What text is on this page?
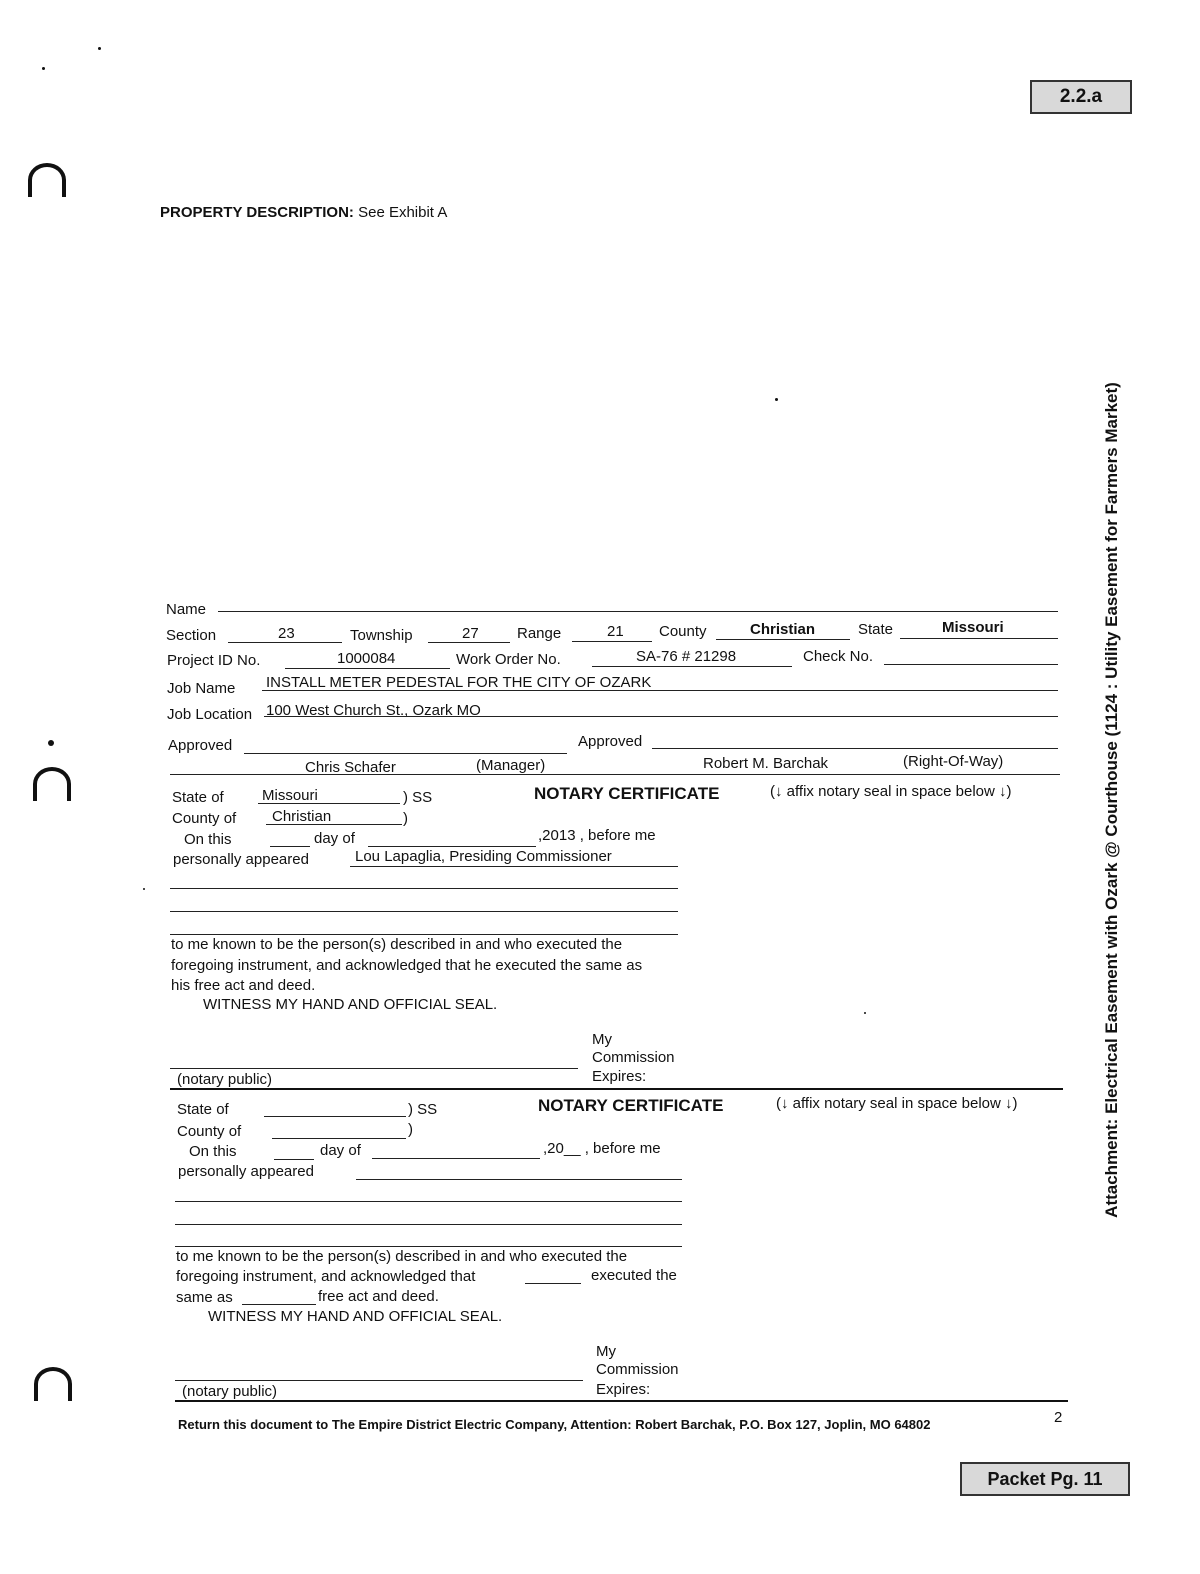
2.2.a
PROPERTY DESCRIPTION: See Exhibit A
Attachment: Electrical Easement with Ozark @ Courthouse (1124 : Utility Easement for Farmers Market)
Name
Section	23	Township	27	Range	21 County	Christian	State	Missouri
Project ID No.	1000084	Work Order No.	SA-76 # 21298	Check No.
Job Name INSTALL METER PEDESTAL FOR THE CITY OF OZARK
Job Location 100 West Church St., Ozark MO
Approved	Approved
Chris Schafer	(Manager)	Robert M. Barchak	(Right-Of-Way)
State of	Missouri	) SS	NOTARY CERTIFICATE	(↓ affix notary seal in space below ↓)
County of Christian	)
On this	day of	,2013 , before me
personally appeared	Lou Lapaglia, Presiding Commissioner
to me known to be the person(s) described in and who executed the
foregoing instrument, and acknowledged that he executed the same as
his free act and deed.
WITNESS MY HAND AND OFFICIAL SEAL.
My
Commission
(notary public)	Expires:
State of	) SS	NOTARY CERTIFICATE	(↓ affix notary seal in space below ↓)
County of	)
On this	day of	,20__ , before me
personally appeared
to me known to be the person(s) described in and who executed the
foregoing instrument, and acknowledged that	executed the
same as	free act and deed.
WITNESS MY HAND AND OFFICIAL SEAL.
My
Commission
(notary public)	Expires:
Return this document to The Empire District Electric Company, Attention: Robert Barchak, P.O. Box 127, Joplin, MO 64802	2
Packet Pg. 11
